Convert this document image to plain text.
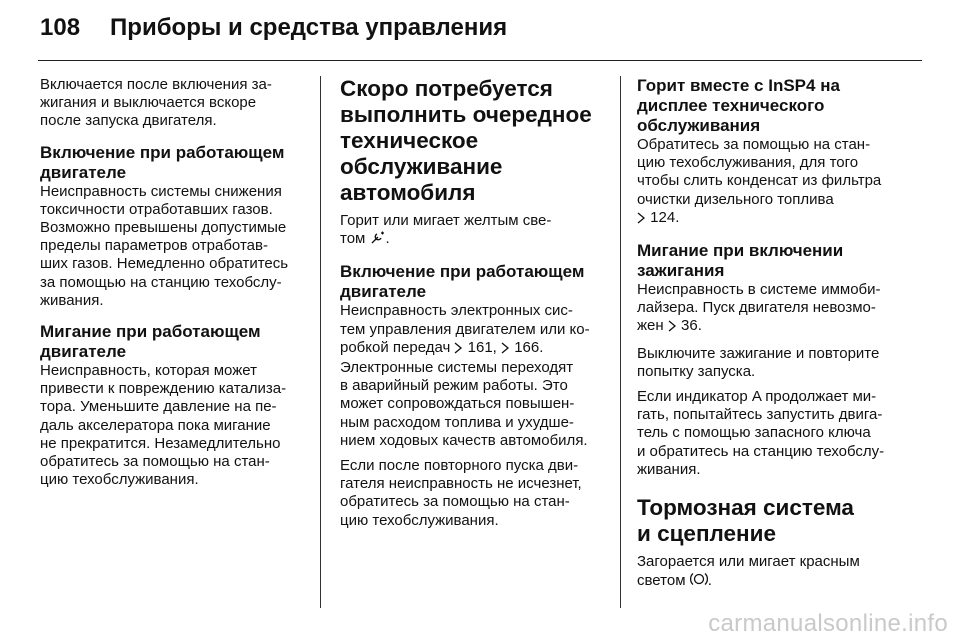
108 Приборы и средства управления

Включается после включения за-
жигания и выключается вскоре
после запуска двигателя.

Включение при работающем
двигателе

Неисправность системы снижения
токсичности отработавших газов.
Возможно превышены допустимые
пределы параметров отработав-
ших газов. Немедленно обратитесь
за помощью на станцию техобслу-
живания.

Мигание при работающем
двигателе

Неисправность, которая может
привести к повреждению катализа-
тора. Уменьшите давление на пе-
даль акселератора пока мигание
не прекратится. Незамедлительно
обратитесь за помощью на стан-
цию техобслуживания.

Скоро потребуется
выполнить очередное
техническое
обслуживание
автомобиля

Горит или мигает желтым све-
том .

Включение при работающем
двигателе

Неисправность электронных сис-
тем управления двигателем или ко-
робкой передач 161, 166.
Электронные системы переходят
в аварийный режим работы. Это
может сопровождаться повышен-
ным расходом топлива и ухудше-
нием ходовых качеств автомобиля.

Если после повторного пуска дви-
гателя неисправность не исчезнет,
обратитесь за помощью на стан-
цию техобслуживания.

Горит вместе с InSP4 на
дисплее технического
обслуживания

Обратитесь за помощью на стан-
цию техобслуживания, для того
чтобы слить конденсат из фильтра
очистки дизельного топлива
124.

Мигание при включении
зажигания

Неисправность в системе иммоби-
лайзера. Пуск двигателя невозмо-
жен 36.

Выключите зажигание и повторите
попытку запуска.

Если индикатор A продолжает ми-
гать, попытайтесь запустить двига-
тель с помощью запасного ключа
и обратитесь на станцию техобслу-
живания.

Тормозная система
и сцепление

Загорается или мигает красным
светом .

carmanualsonline.info
